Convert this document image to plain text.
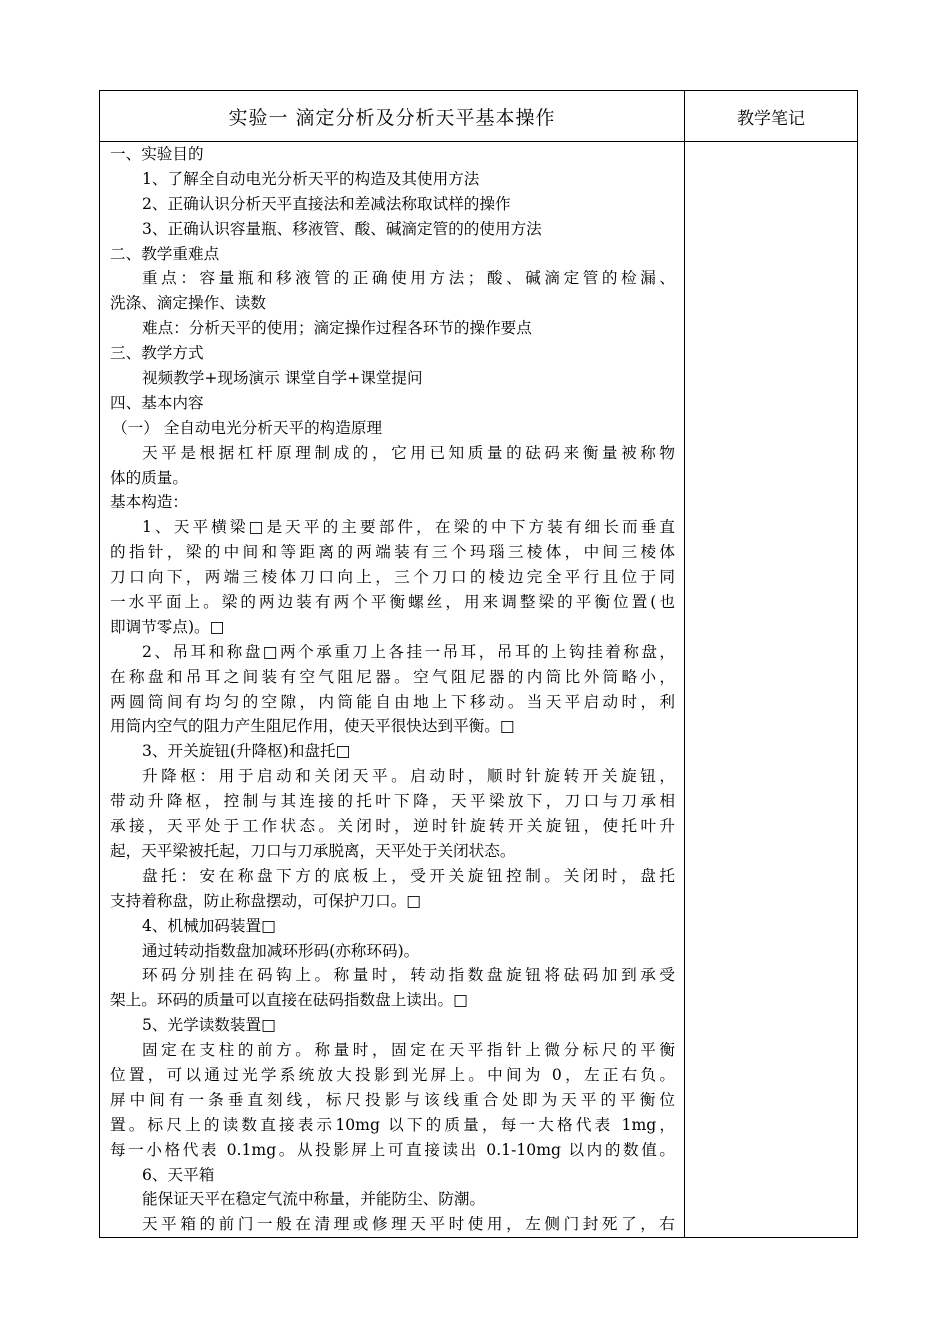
实验一 滴定分析及分析天平基本操作	教学笔记
一、实验目的
1、了解全自动电光分析天平的构造及其使用方法
2、正确认识分析天平直接法和差减法称取试样的操作
3、正确认识容量瓶、移液管、酸、碱滴定管的的使用方法
二、教学重难点
重点：容量瓶和移液管的正确使用方法；酸、碱滴定管的检漏、
洗涤、滴定操作、读数
难点：分析天平的使用；滴定操作过程各环节的操作要点
三、教学方式
视频教学+现场演示 课堂自学+课堂提问
四、基本内容
（一） 全自动电光分析天平的构造原理
天平是根据杠杆原理制成的，它用已知质量的砝码来衡量被称物
体的质量。
基本构造：
1、天平横梁□是天平的主要部件，在梁的中下方装有细长而垂直
的指针，梁的中间和等距离的两端装有三个玛瑙三棱体，中间三棱体
刀口向下，两端三棱体刀口向上，三个刀口的棱边完全平行且位于同
一水平面上。梁的两边装有两个平衡螺丝，用来调整梁的平衡位置(也
即调节零点)。□
2、吊耳和称盘□两个承重刀上各挂一吊耳，吊耳的上钩挂着称盘，
在称盘和吊耳之间装有空气阻尼器。空气阻尼器的内筒比外筒略小，
两圆筒间有均匀的空隙，内筒能自由地上下移动。当天平启动时，利
用筒内空气的阻力产生阻尼作用，使天平很快达到平衡。□
3、开关旋钮(升降枢)和盘托□
升降枢：用于启动和关闭天平。启动时，顺时针旋转开关旋钮，
带动升降枢，控制与其连接的托叶下降，天平梁放下，刀口与刀承相
承接，天平处于工作状态。关闭时，逆时针旋转开关旋钮，使托叶升
起，天平梁被托起，刀口与刀承脱离，天平处于关闭状态。
盘托：安在称盘下方的底板上，受开关旋钮控制。关闭时，盘托
支持着称盘，防止称盘摆动，可保护刀口。□
4、机械加码装置□
通过转动指数盘加减环形码(亦称环码)。
环码分别挂在码钩上。称量时，转动指数盘旋钮将砝码加到承受
架上。环码的质量可以直接在砝码指数盘上读出。□
5、光学读数装置□
固定在支柱的前方。称量时，固定在天平指针上微分标尺的平衡
位置，可以通过光学系统放大投影到光屏上。中间为 0，左正右负。
屏中间有一条垂直刻线，标尺投影与该线重合处即为天平的平衡位
置。标尺上的读数直接表示10mg 以下的质量，每一大格代表 1mg，
每一小格代表 0.1mg。从投影屏上可直接读出 0.1-10mg 以内的数值。
6、天平箱
能保证天平在稳定气流中称量，并能防尘、防潮。
天平箱的前门一般在清理或修理天平时使用，左侧门封死了，右
